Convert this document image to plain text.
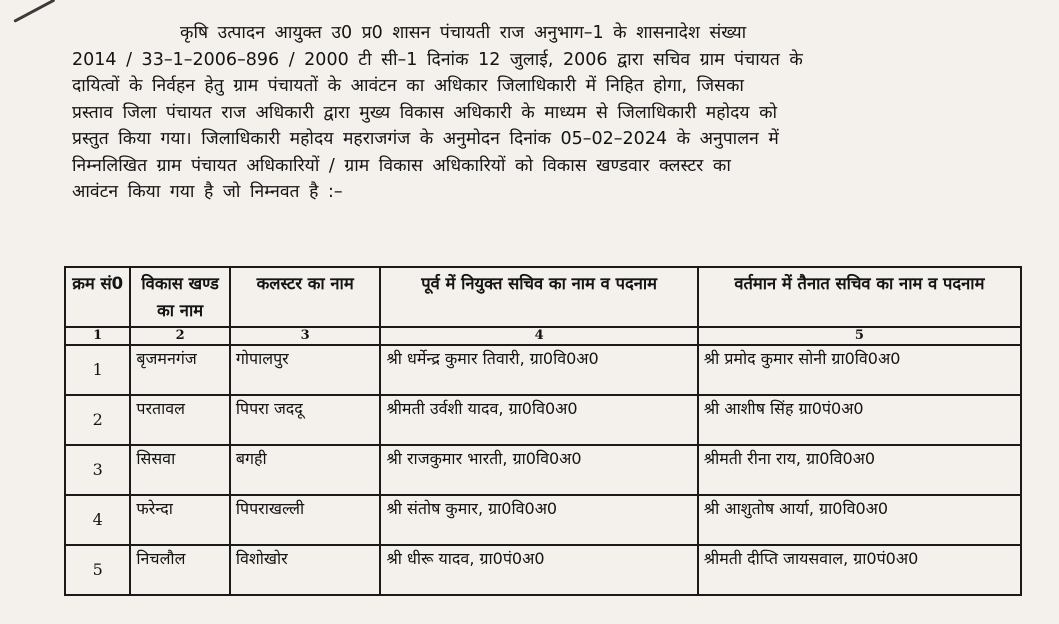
कृषि उत्पादन आयुक्त उ0 प्र0 शासन पंचायती राज अनुभाग–1 के शासनादेश संख्या
2014 / 33–1–2006–896 / 2000 टी सी–1 दिनांक 12 जुलाई, 2006 द्वारा सचिव ग्राम पंचायत के
दायित्वों के निर्वहन हेतु ग्राम पंचायतों के आवंटन का अधिकार जिलाधिकारी में निहित होगा, जिसका
प्रस्ताव जिला पंचायत राज अधिकारी द्वारा मुख्य विकास अधिकारी के माध्यम से जिलाधिकारी महोदय को
प्रस्तुत किया गया। जिलाधिकारी महोदय महराजगंज के अनुमोदन दिनांक 05–02–2024 के अनुपालन में
निम्नलिखित ग्राम पंचायत अधिकारियों / ग्राम विकास अधिकारियों को विकास खण्डवार क्लस्टर का
आवंटन किया गया है जो निम्नवत है :–
क्रम सं0	विकास खण्ड का नाम	कलस्टर का नाम	पूर्व में नियुक्त सचिव का नाम व पदनाम	वर्तमान में तैनात सचिव का नाम व पदनाम
1	2	3	4	5
1	बृजमनगंज	गोपालपुर	श्री धर्मेन्द्र कुमार तिवारी, ग्रा0वि0अ0	श्री प्रमोद कुमार सोनी ग्रा0वि0अ0
2	परतावल	पिपरा जददू	श्रीमती उर्वशी यादव, ग्रा0वि0अ0	श्री आशीष सिंह ग्रा0पं0अ0
3	सिसवा	बगही	श्री राजकुमार भारती, ग्रा0वि0अ0	श्रीमती रीना राय, ग्रा0वि0अ0
4	फरेन्दा	पिपराखल्ली	श्री संतोष कुमार, ग्रा0वि0अ0	श्री आशुतोष आर्या, ग्रा0वि0अ0
5	निचलौल	विशोखोर	श्री धीरू यादव, ग्रा0पं0अ0	श्रीमती दीप्ति जायसवाल, ग्रा0पं0अ0
